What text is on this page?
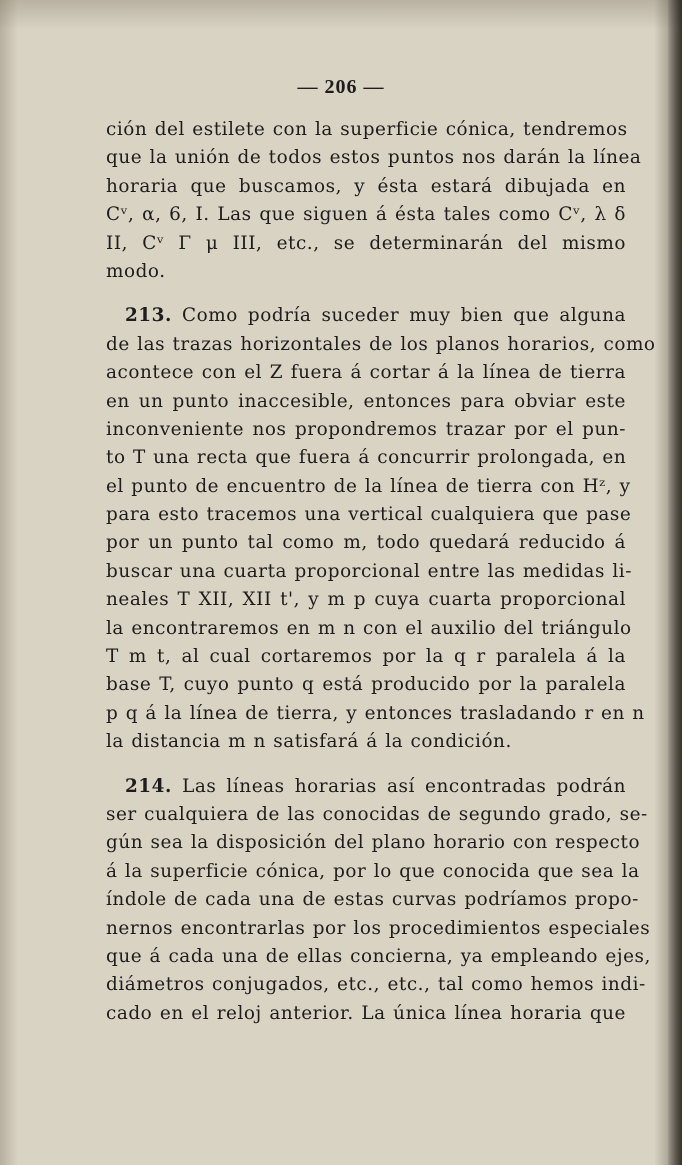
— 206 —
ción del estilete con la superficie cónica, tendremos
que la unión de todos estos puntos nos darán la línea
horaria que buscamos, y ésta estará dibujada en
Cᵛ, α, 6, I. Las que siguen á ésta tales como Cᵛ, λ δ
II, Cᵛ Γ μ III, etc., se determinarán del mismo
modo.
 213. Como podría suceder muy bien que alguna
de las trazas horizontales de los planos horarios, como
acontece con el Z fuera á cortar á la línea de tierra
en un punto inaccesible, entonces para obviar este
inconveniente nos propondremos trazar por el pun-
to T una recta que fuera á concurrir prolongada, en
el punto de encuentro de la línea de tierra con Hᶻ, y
para esto tracemos una vertical cualquiera que pase
por un punto tal como m, todo quedará reducido á
buscar una cuarta proporcional entre las medidas li-
neales T XII, XII t', y m p cuya cuarta proporcional
la encontraremos en m n con el auxilio del triángulo
T m t, al cual cortaremos por la q r paralela á la
base T, cuyo punto q está producido por la paralela
p q á la línea de tierra, y entonces trasladando r en n
la distancia m n satisfará á la condición.
 214. Las líneas horarias así encontradas podrán
ser cualquiera de las conocidas de segundo grado, se-
gún sea la disposición del plano horario con respecto
á la superficie cónica, por lo que conocida que sea la
índole de cada una de estas curvas podríamos propo-
nernos encontrarlas por los procedimientos especiales
que á cada una de ellas concierna, ya empleando ejes,
diámetros conjugados, etc., etc., tal como hemos indi-
cado en el reloj anterior. La única línea horaria que
